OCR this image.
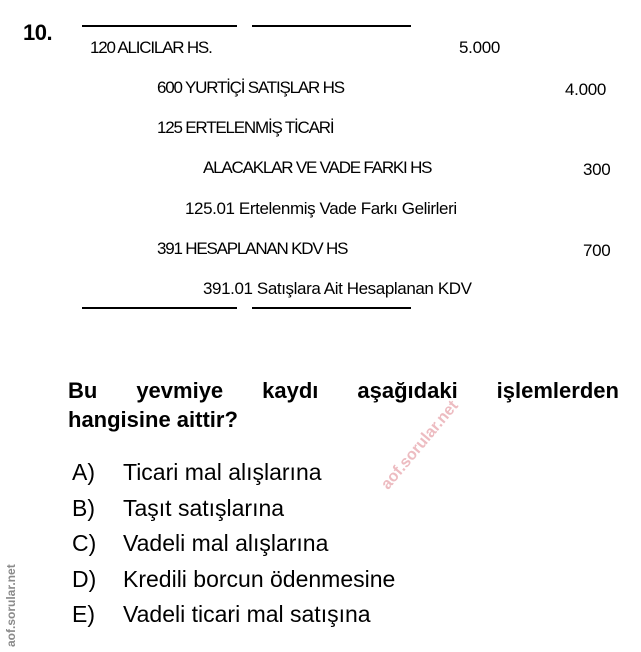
10.
120 ALICILAR HS.	5.000
600 YURTİÇİ SATIŞLAR HS	4.000
125 ERTELENMİŞ TİCARİ
ALACAKLAR VE VADE FARKI HS	300
125.01 Ertelenmiş Vade Farkı Gelirleri
391 HESAPLANAN KDV HS	700
391.01 Satışlara Ait Hesaplanan KDV
Bu yevmiye kaydı aşağıdaki işlemlerden
hangisine aittir?
A)	Ticari mal alışlarına
B)	Taşıt satışlarına
C)	Vadeli mal alışlarına
D)	Kredili borcun ödenmesine
E)	Vadeli ticari mal satışına
aof.sorular.net
aof.sorular.net
